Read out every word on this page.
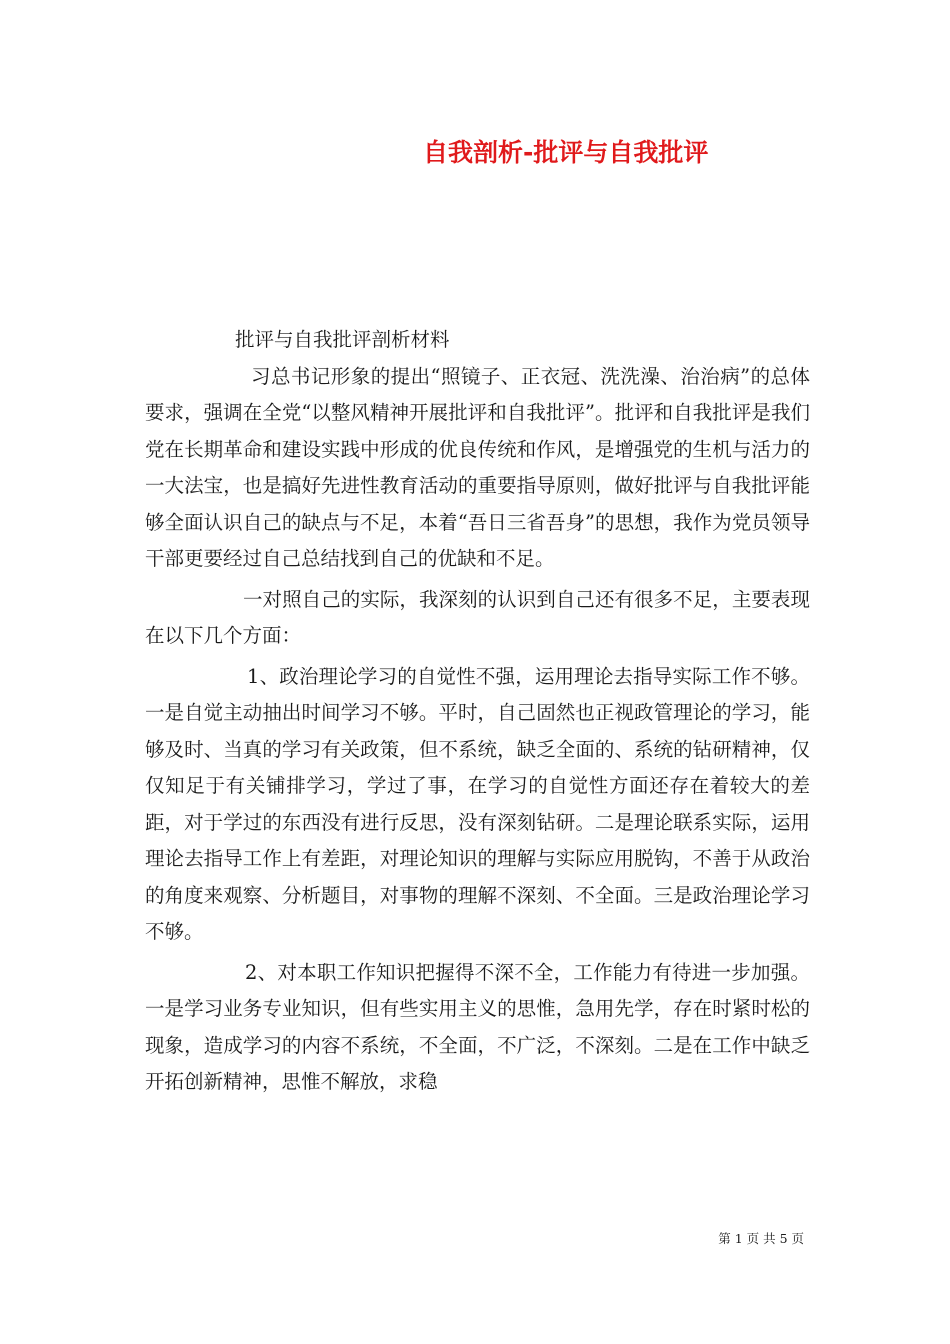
自我剖析-批评与自我批评

批评与自我批评剖析材料

习总书记形象的提出“照镜子、正衣冠、洗洗澡、治治病”的总体要求，强调在全党“以整风精神开展批评和自我批评”。批评和自我批评是我们党在长期革命和建设实践中形成的优良传统和作风，是增强党的生机与活力的一大法宝，也是搞好先进性教育活动的重要指导原则，做好批评与自我批评能够全面认识自己的缺点与不足，本着“吾日三省吾身”的思想，我作为党员领导干部更要经过自己总结找到自己的优缺和不足。

一对照自己的实际，我深刻的认识到自己还有很多不足，主要表现在以下几个方面：

1、政治理论学习的自觉性不强，运用理论去指导实际工作不够。一是自觉主动抽出时间学习不够。平时，自己固然也正视政管理论的学习，能够及时、当真的学习有关政策，但不系统，缺乏全面的、系统的钻研精神，仅仅知足于有关铺排学习，学过了事，在学习的自觉性方面还存在着较大的差距，对于学过的东西没有进行反思，没有深刻钻研。二是理论联系实际，运用理论去指导工作上有差距，对理论知识的理解与实际应用脱钩，不善于从政治的角度来观察、分析题目，对事物的理解不深刻、不全面。三是政治理论学习不够。

2、对本职工作知识把握得不深不全，工作能力有待进一步加强。一是学习业务专业知识，但有些实用主义的思惟，急用先学，存在时紧时松的现象，造成学习的内容不系统，不全面，不广泛，不深刻。二是在工作中缺乏开拓创新精神，思惟不解放，求稳

第 1 页 共 5 页
